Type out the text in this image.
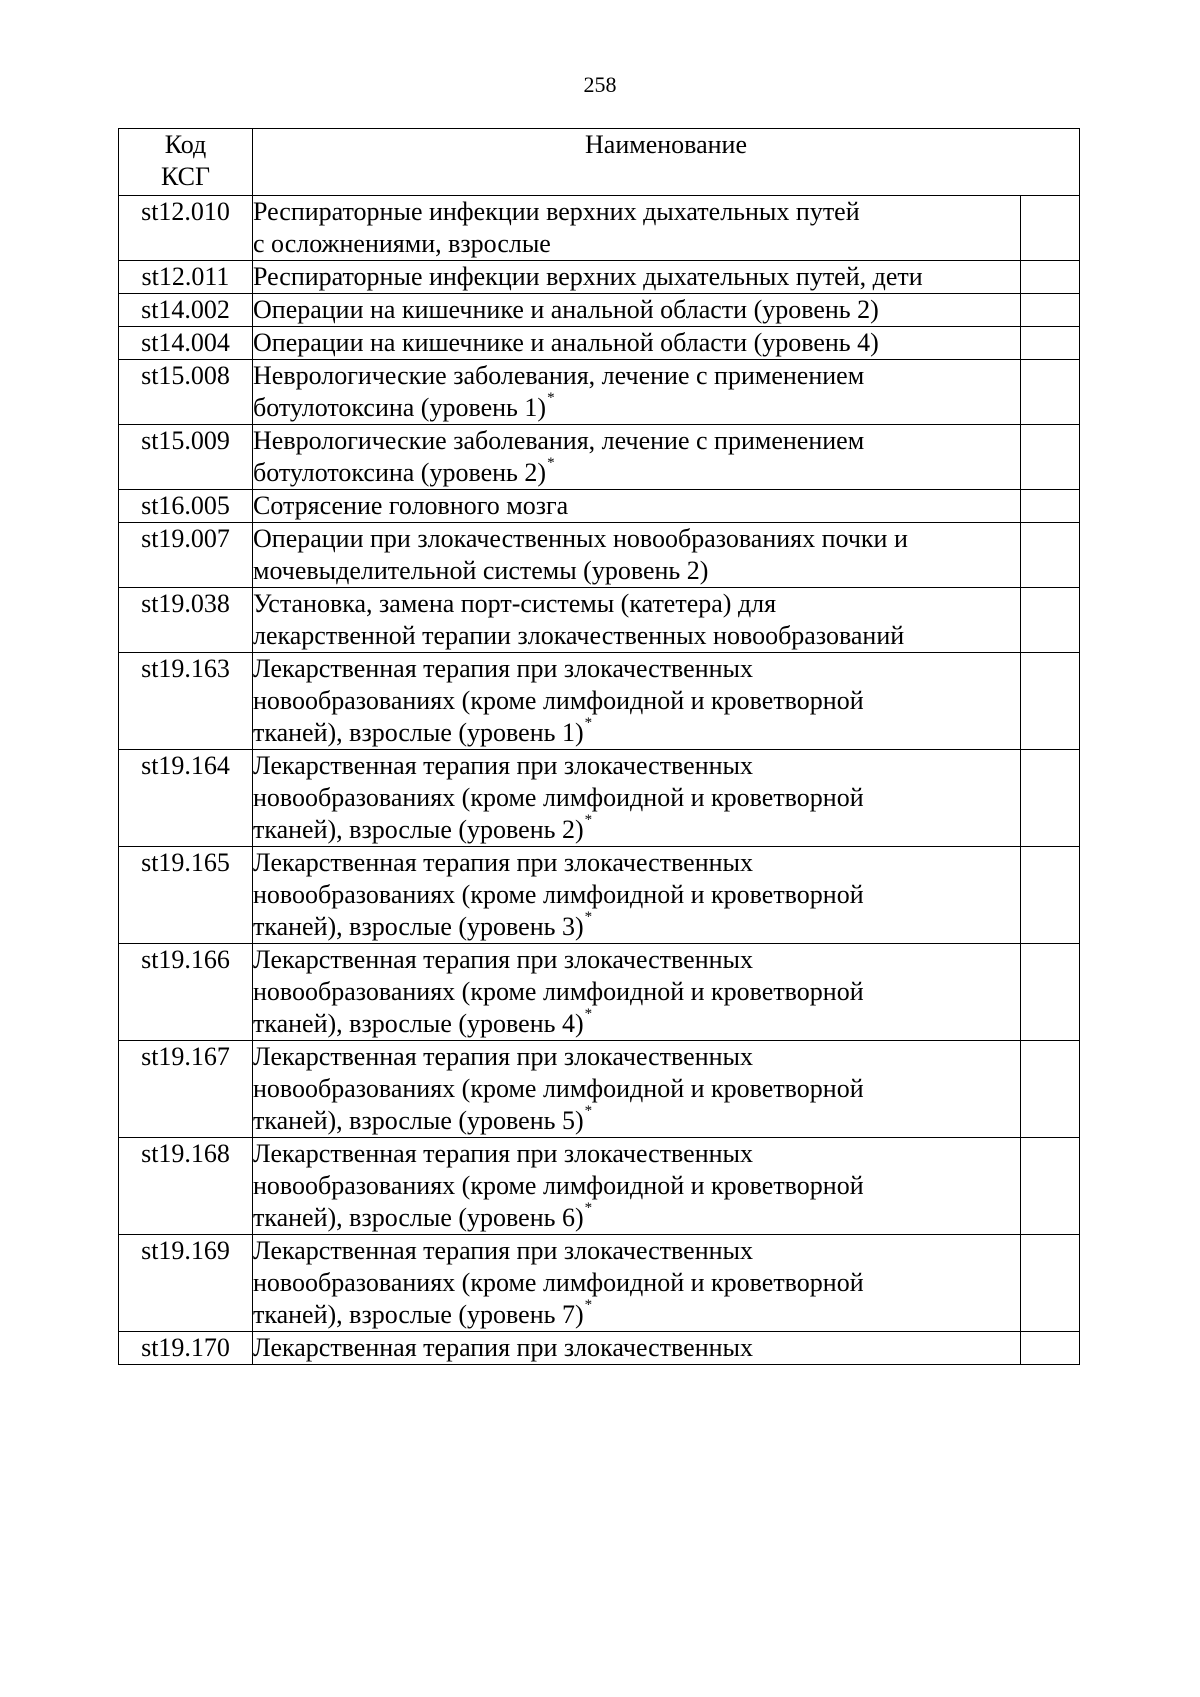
258
Код
КСГ	Наименование	
st12.010	Респираторные инфекции верхних дыхательных путей
с осложнениями, взрослые	

st12.011	Респираторные инфекции верхних дыхательных путей, дети	

st14.002	Операции на кишечнике и анальной области (уровень 2)	

st14.004	Операции на кишечнике и анальной области (уровень 4)	

st15.008	Неврологические заболевания, лечение с применением
ботулотоксина (уровень 1)*

st15.009	Неврологические заболевания, лечение с применением
ботулотоксина (уровень 2)*

st16.005	Сотрясение головного мозга	

st19.007	Операции при злокачественных новообразованиях почки и
мочевыделительной системы (уровень 2)	

st19.038	Установка, замена порт-системы (катетера) для
лекарственной терапии злокачественных новообразований	

st19.163	Лекарственная терапия при злокачественных
новообразованиях (кроме лимфоидной и кроветворной
тканей), взрослые (уровень 1)*

st19.164	Лекарственная терапия при злокачественных
новообразованиях (кроме лимфоидной и кроветворной
тканей), взрослые (уровень 2)*

st19.165	Лекарственная терапия при злокачественных
новообразованиях (кроме лимфоидной и кроветворной
тканей), взрослые (уровень 3)*

st19.166	Лекарственная терапия при злокачественных
новообразованиях (кроме лимфоидной и кроветворной
тканей), взрослые (уровень 4)*

st19.167	Лекарственная терапия при злокачественных
новообразованиях (кроме лимфоидной и кроветворной
тканей), взрослые (уровень 5)*

st19.168	Лекарственная терапия при злокачественных
новообразованиях (кроме лимфоидной и кроветворной
тканей), взрослые (уровень 6)*

st19.169	Лекарственная терапия при злокачественных
новообразованиях (кроме лимфоидной и кроветворной
тканей), взрослые (уровень 7)*

st19.170	Лекарственная терапия при злокачественных	
